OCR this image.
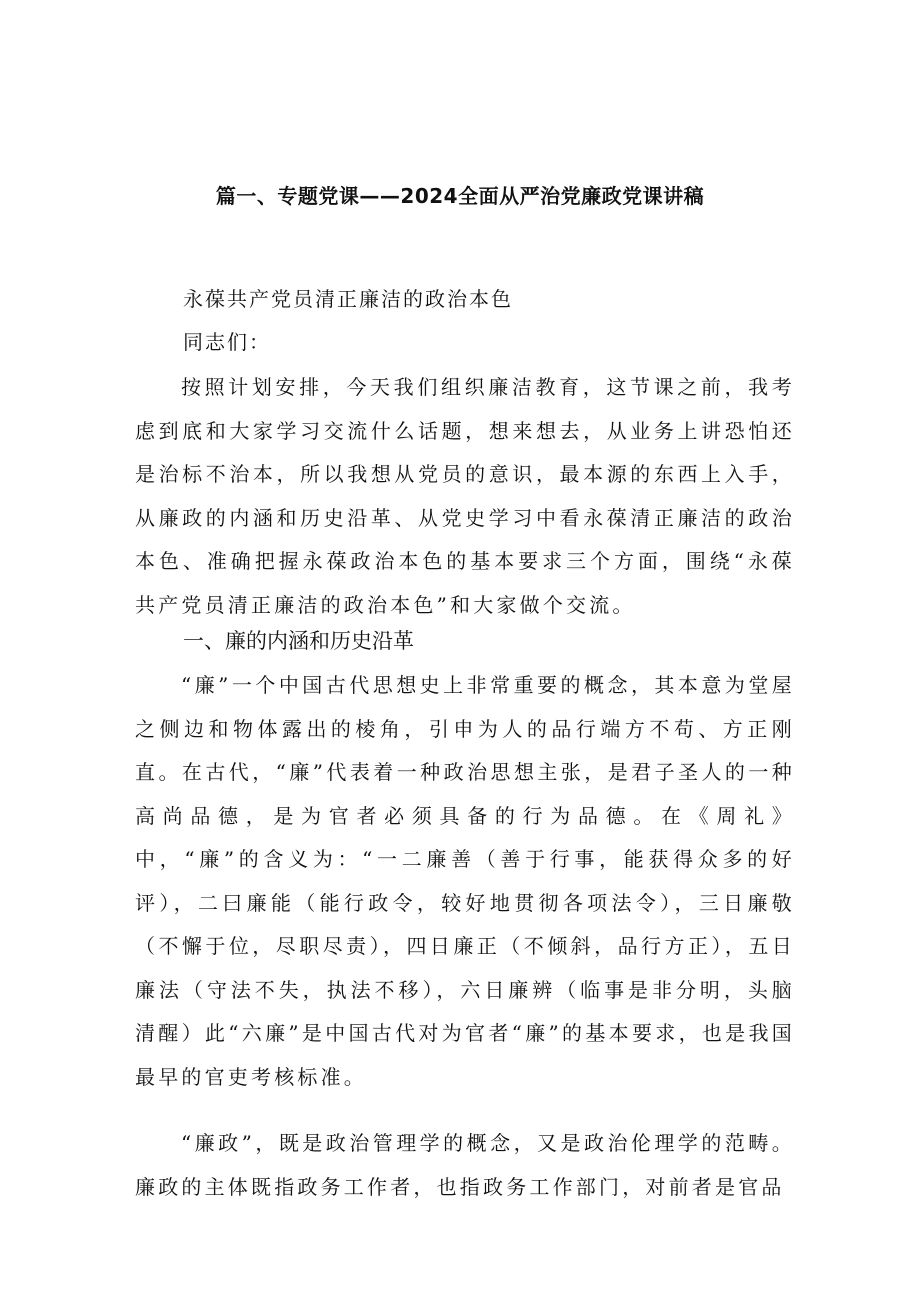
篇一、专题党课——2024全面从严治党廉政党课讲稿
永葆共产党员清正廉洁的政治本色
同志们：

按照计划安排，今天我们组织廉洁教育，这节课之前，我考虑到底和大家学习交流什么话题，想来想去，从业务上讲恐怕还是治标不治本，所以我想从党员的意识，最本源的东西上入手，从廉政的内涵和历史沿革、从党史学习中看永葆清正廉洁的政治本色、准确把握永葆政治本色的基本要求三个方面，围绕“永葆共产党员清正廉洁的政治本色”和大家做个交流。

一、廉的内涵和历史沿革

“廉”一个中国古代思想史上非常重要的概念，其本意为堂屋之侧边和物体露出的棱角，引申为人的品行端方不苟、方正刚直。在古代，“廉”代表着一种政治思想主张，是君子圣人的一种高尚品德，是为官者必须具备的行为品德。在《周礼》中，“廉”的含义为：“一二廉善（善于行事，能获得众多的好评），二曰廉能（能行政令，较好地贯彻各项法令），三日廉敬（不懈于位，尽职尽责），四日廉正（不倾斜，品行方正），五日廉法（守法不失，执法不移），六日廉辨（临事是非分明，头脑清醒）此“六廉”是中国古代对为官者“廉”的基本要求，也是我国最早的官吏考核标准。

“廉政”，既是政治管理学的概念，又是政治伦理学的范畴。廉政的主体既指政务工作者，也指政务工作部门，对前者是官品
